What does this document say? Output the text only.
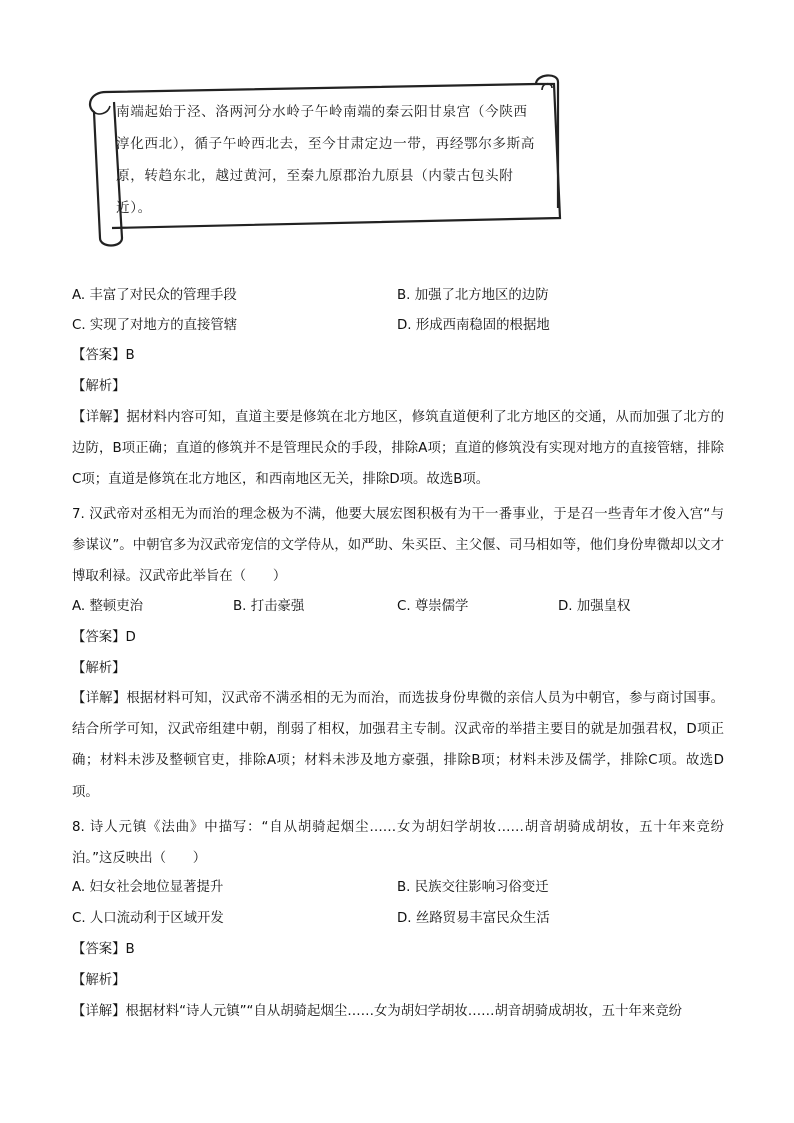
南端起始于泾、洛两河分水岭子午岭南端的秦云阳甘泉宫（今陕西淳化西北），循子午岭西北去，至今甘肃定边一带，再经鄂尔多斯高原，转趋东北，越过黄河，至秦九原郡治九原县（内蒙古包头附近）。
A. 丰富了对民众的管理手段	B. 加强了北方地区的边防
C. 实现了对地方的直接管辖	D. 形成西南稳固的根据地
【答案】B
【解析】
【详解】据材料内容可知，直道主要是修筑在北方地区，修筑直道便利了北方地区的交通，从而加强了北方的边防，B项正确；直道的修筑并不是管理民众的手段，排除A项；直道的修筑没有实现对地方的直接管辖，排除C项；直道是修筑在北方地区，和西南地区无关，排除D项。故选B项。
7. 汉武帝对丞相无为而治的理念极为不满，他要大展宏图积极有为干一番事业，于是召一些青年才俊入宫“与参谋议”。中朝官多为汉武帝宠信的文学侍从，如严助、朱买臣、主父偃、司马相如等，他们身份卑微却以文才博取利禄。汉武帝此举旨在（　　）
A. 整顿吏治	B. 打击豪强	C. 尊崇儒学	D. 加强皇权
【答案】D
【解析】
【详解】根据材料可知，汉武帝不满丞相的无为而治，而选拔身份卑微的亲信人员为中朝官，参与商讨国事。结合所学可知，汉武帝组建中朝，削弱了相权，加强君主专制。汉武帝的举措主要目的就是加强君权，D项正确；材料未涉及整顿官吏，排除A项；材料未涉及地方豪强，排除B项；材料未涉及儒学，排除C项。故选D项。
8. 诗人元镇《法曲》中描写：“自从胡骑起烟尘……女为胡妇学胡妆……胡音胡骑成胡妆，五十年来竞纷泊。”这反映出（　　）
A. 妇女社会地位显著提升	B. 民族交往影响习俗变迁
C. 人口流动利于区域开发	D. 丝路贸易丰富民众生活
【答案】B
【解析】
【详解】根据材料“诗人元镇”“自从胡骑起烟尘……女为胡妇学胡妆……胡音胡骑成胡妆，五十年来竞纷
